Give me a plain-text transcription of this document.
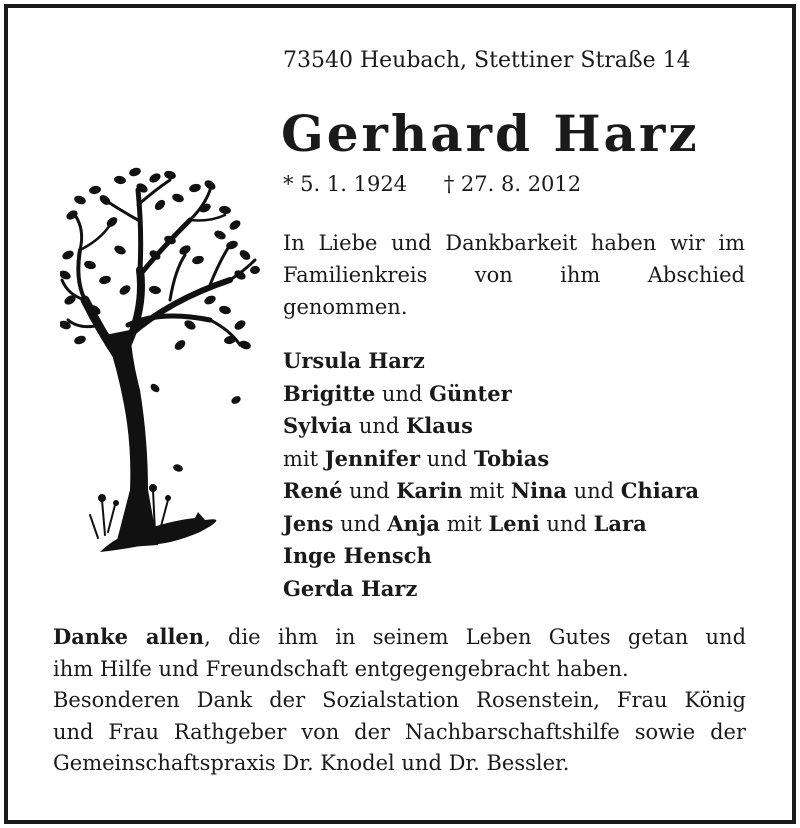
73540 Heubach, Stettiner Straße 14
Gerhard Harz
* 5. 1. 1924 † 27. 8. 2012
In Liebe und Dankbarkeit haben wir im Familienkreis von ihm Abschied genommen.
Ursula Harz
Brigitte und Günter
Sylvia und Klaus
mit Jennifer und Tobias
René und Karin mit Nina und Chiara
Jens und Anja mit Leni und Lara
Inge Hensch
Gerda Harz
Danke allen, die ihm in seinem Leben Gutes getan und
ihm Hilfe und Freundschaft entgegengebracht haben.
Besonderen Dank der Sozialstation Rosenstein, Frau König
und Frau Rathgeber von der Nachbarschaftshilfe sowie der
Gemeinschaftspraxis Dr. Knodel und Dr. Bessler.
